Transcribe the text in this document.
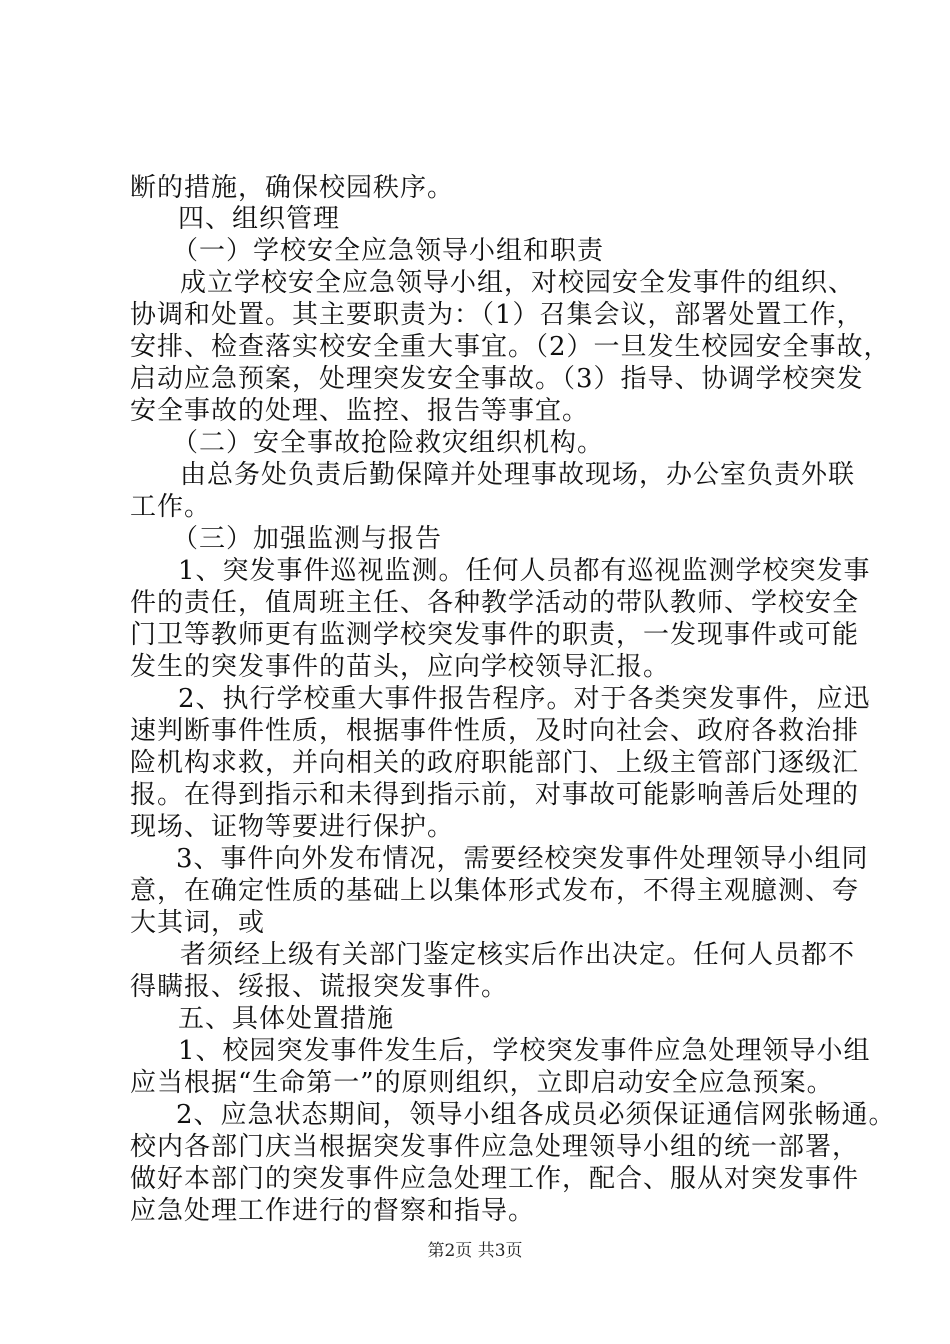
断的措施，确保校园秩序。
四、组织管理
（一）学校安全应急领导小组和职责
成立学校安全应急领导小组，对校园安全发事件的组织、
协调和处置。其主要职责为：（1）召集会议，部署处置工作，
安排、检查落实校安全重大事宜。（2）一旦发生校园安全事故，
启动应急预案，处理突发安全事故。（3）指导、协调学校突发
安全事故的处理、监控、报告等事宜。
（二）安全事故抢险救灾组织机构。
由总务处负责后勤保障并处理事故现场，办公室负责外联
工作。
（三）加强监测与报告
1、突发事件巡视监测。任何人员都有巡视监测学校突发事
件的责任，值周班主任、各种教学活动的带队教师、学校安全
门卫等教师更有监测学校突发事件的职责，一发现事件或可能
发生的突发事件的苗头，应向学校领导汇报。
2、执行学校重大事件报告程序。对于各类突发事件，应迅
速判断事件性质，根据事件性质，及时向社会、政府各救治排
险机构求救，并向相关的政府职能部门、上级主管部门逐级汇
报。在得到指示和未得到指示前，对事故可能影响善后处理的
现场、证物等要进行保护。
3、事件向外发布情况，需要经校突发事件处理领导小组同
意，在确定性质的基础上以集体形式发布，不得主观臆测、夸
大其词，或
者须经上级有关部门鉴定核实后作出决定。任何人员都不
得瞒报、绥报、谎报突发事件。
五、具体处置措施
1、校园突发事件发生后，学校突发事件应急处理领导小组
应当根据“生命第一”的原则组织，立即启动安全应急预案。
2、应急状态期间，领导小组各成员必须保证通信网张畅通。
校内各部门庆当根据突发事件应急处理领导小组的统一部署，
做好本部门的突发事件应急处理工作，配合、服从对突发事件
应急处理工作进行的督察和指导。
第2页 共3页
